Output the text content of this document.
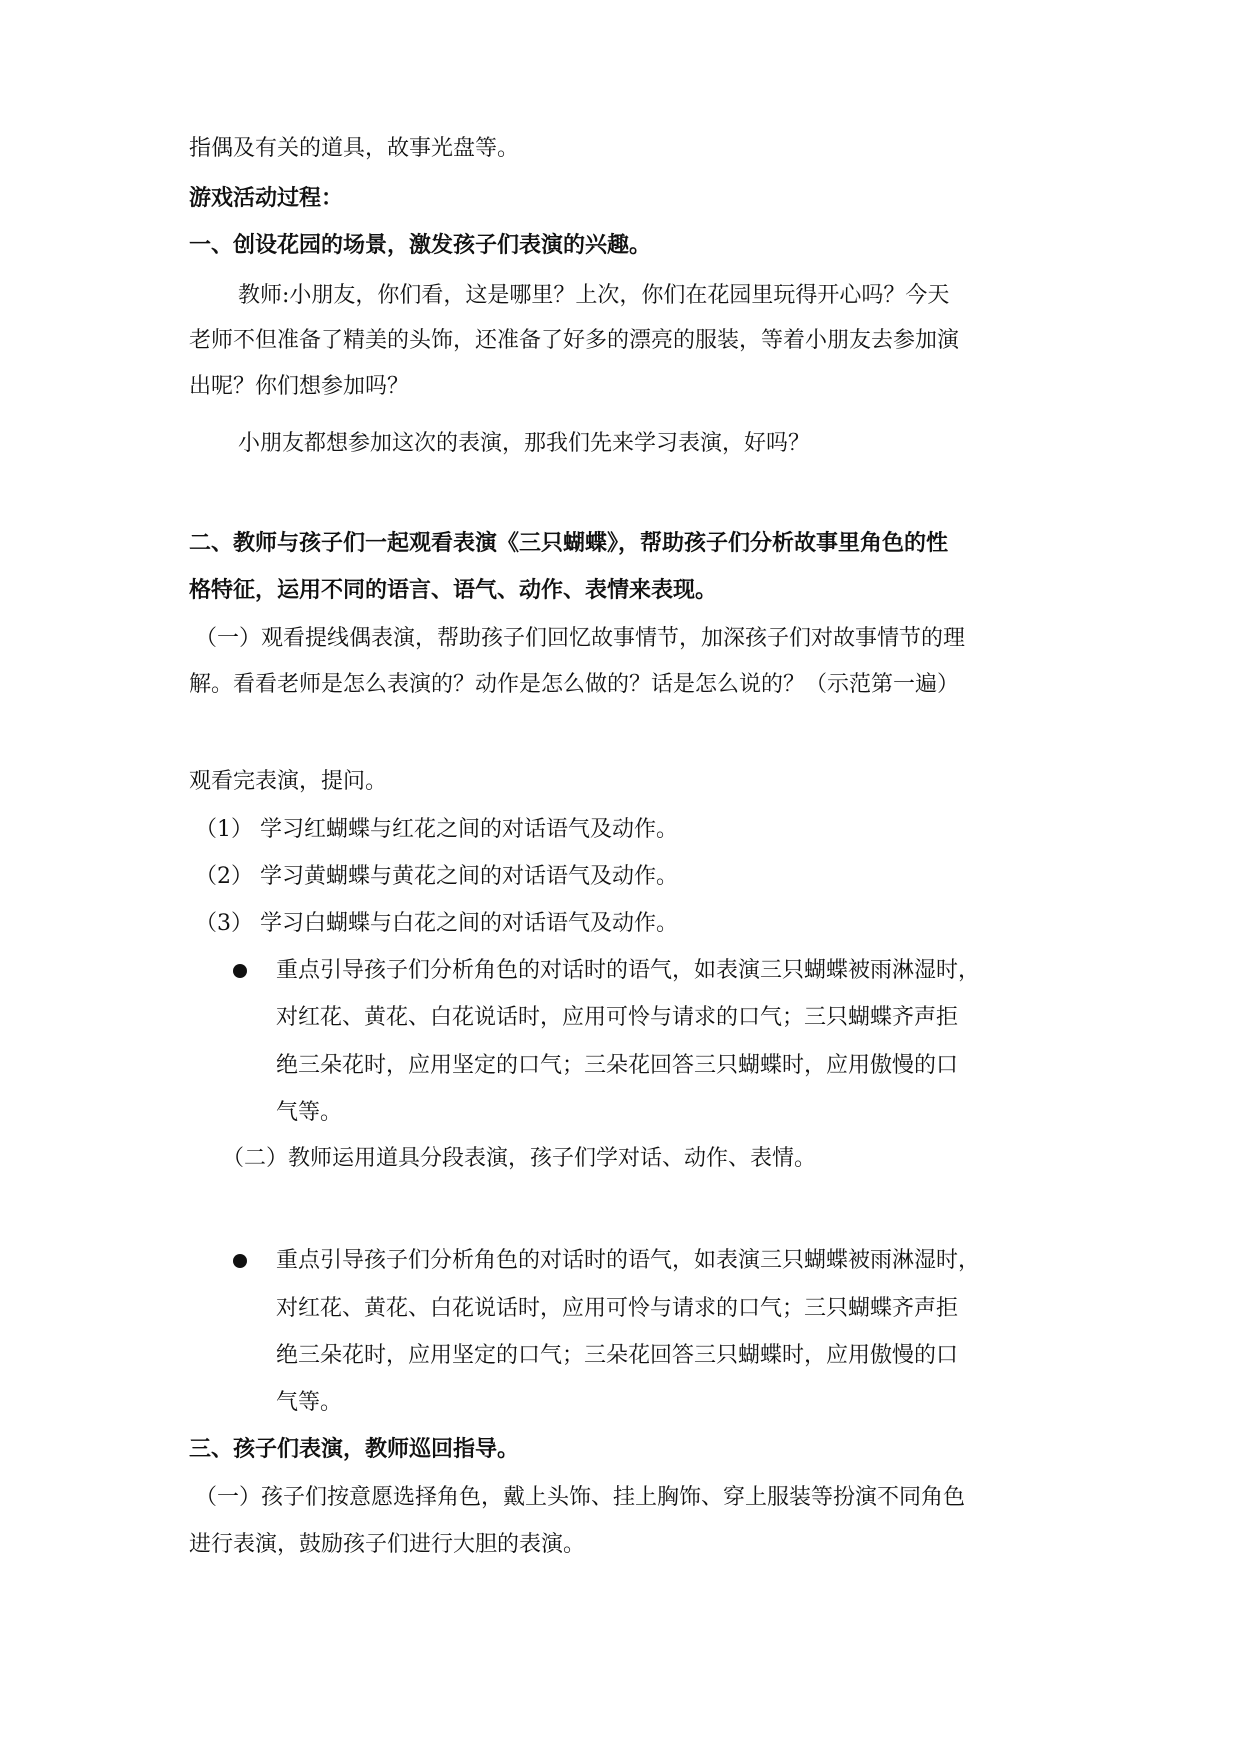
指偶及有关的道具，故事光盘等。
游戏活动过程：
一、创设花园的场景，激发孩子们表演的兴趣。
教师:小朋友，你们看，这是哪里？上次，你们在花园里玩得开心吗？今天
老师不但准备了精美的头饰，还准备了好多的漂亮的服装，等着小朋友去参加演
出呢？你们想参加吗？
小朋友都想参加这次的表演，那我们先来学习表演，好吗？
二、教师与孩子们一起观看表演《三只蝴蝶》，帮助孩子们分析故事里角色的性
格特征，运用不同的语言、语气、动作、表情来表现。
（一）观看提线偶表演，帮助孩子们回忆故事情节，加深孩子们对故事情节的理
解。看看老师是怎么表演的？动作是怎么做的？话是怎么说的？（示范第一遍）
观看完表演，提问。
（1） 学习红蝴蝶与红花之间的对话语气及动作。
（2） 学习黄蝴蝶与黄花之间的对话语气及动作。
（3） 学习白蝴蝶与白花之间的对话语气及动作。
重点引导孩子们分析角色的对话时的语气，如表演三只蝴蝶被雨淋湿时，
对红花、黄花、白花说话时，应用可怜与请求的口气；三只蝴蝶齐声拒
绝三朵花时，应用坚定的口气；三朵花回答三只蝴蝶时，应用傲慢的口
气等。
（二）教师运用道具分段表演，孩子们学对话、动作、表情。
重点引导孩子们分析角色的对话时的语气，如表演三只蝴蝶被雨淋湿时，
对红花、黄花、白花说话时，应用可怜与请求的口气；三只蝴蝶齐声拒
绝三朵花时，应用坚定的口气；三朵花回答三只蝴蝶时，应用傲慢的口
气等。
三、孩子们表演，教师巡回指导。
（一）孩子们按意愿选择角色，戴上头饰、挂上胸饰、穿上服装等扮演不同角色
进行表演，鼓励孩子们进行大胆的表演。
